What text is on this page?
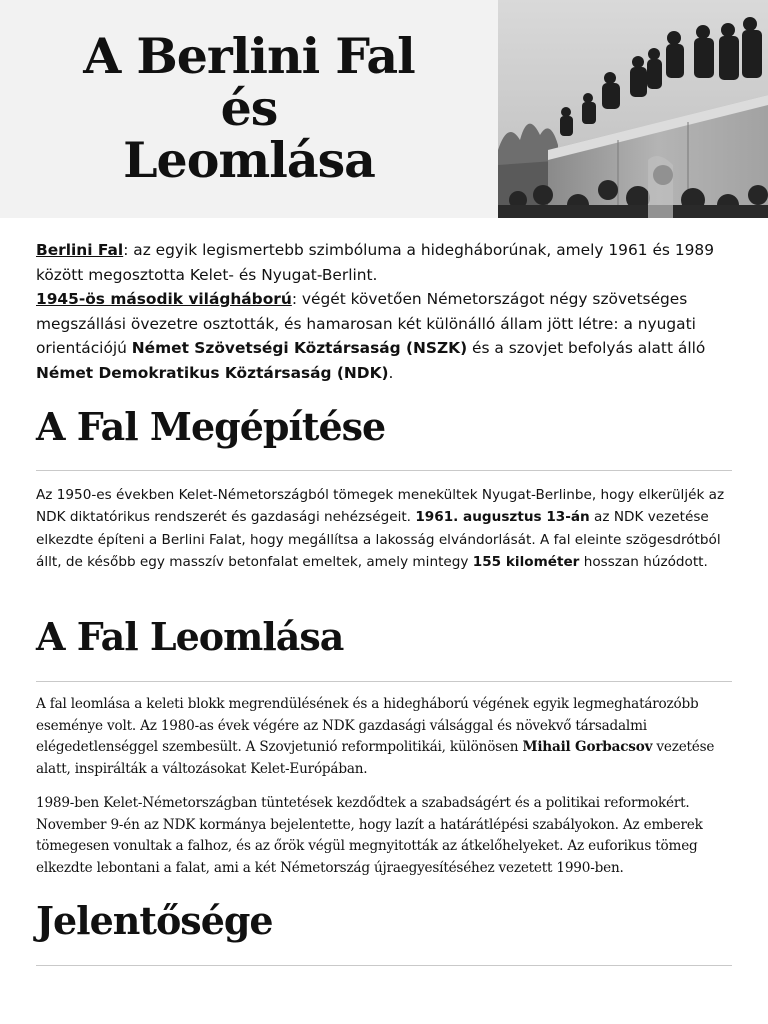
A Berlini Fal
és
Leomlása

Berlini Fal: az egyik legismertebb szimbóluma a hidegháborúnak, amely 1961 és 1989 között megosztotta Kelet- és Nyugat-Berlint.

1945-ös második világháború: végét követően Németországot négy szövetséges megszállási övezetre osztották, és hamarosan két különálló állam jött létre: a nyugati orientációjú Német Szövetségi Köztársaság (NSZK) és a szovjet befolyás alatt álló Német Demokratikus Köztársaság (NDK).

A Fal Megépítése

Az 1950-es években Kelet-Németországból tömegek menekültek Nyugat-Berlinbe, hogy elkerüljék az NDK diktatórikus rendszerét és gazdasági nehézségeit. 1961. augusztus 13-án az NDK vezetése elkezdte építeni a Berlini Falat, hogy megállítsa a lakosság elvándorlását. A fal eleinte szögesdrótból állt, de később egy masszív betonfalat emeltek, amely mintegy 155 kilométer hosszan húzódott.

A Fal Leomlása

A fal leomlása a keleti blokk megrendülésének és a hidegháború végének egyik legmeghatározóbb eseménye volt. Az 1980-as évek végére az NDK gazdasági válsággal és növekvő társadalmi elégedetlenséggel szembesült. A Szovjetunió reformpolitikái, különösen Mihail Gorbacsov vezetése alatt, inspirálták a változásokat Kelet-Európában.

1989-ben Kelet-Németországban tüntetések kezdődtek a szabadságért és a politikai reformokért. November 9-én az NDK kormánya bejelentette, hogy lazít a határátlépési szabályokon. Az emberek tömegesen vonultak a falhoz, és az őrök végül megnyitották az átkelőhelyeket. Az euforikus tömeg elkezdte lebontani a falat, ami a két Németország újraegyesítéséhez vezetett 1990-ben.

Jelentősége
